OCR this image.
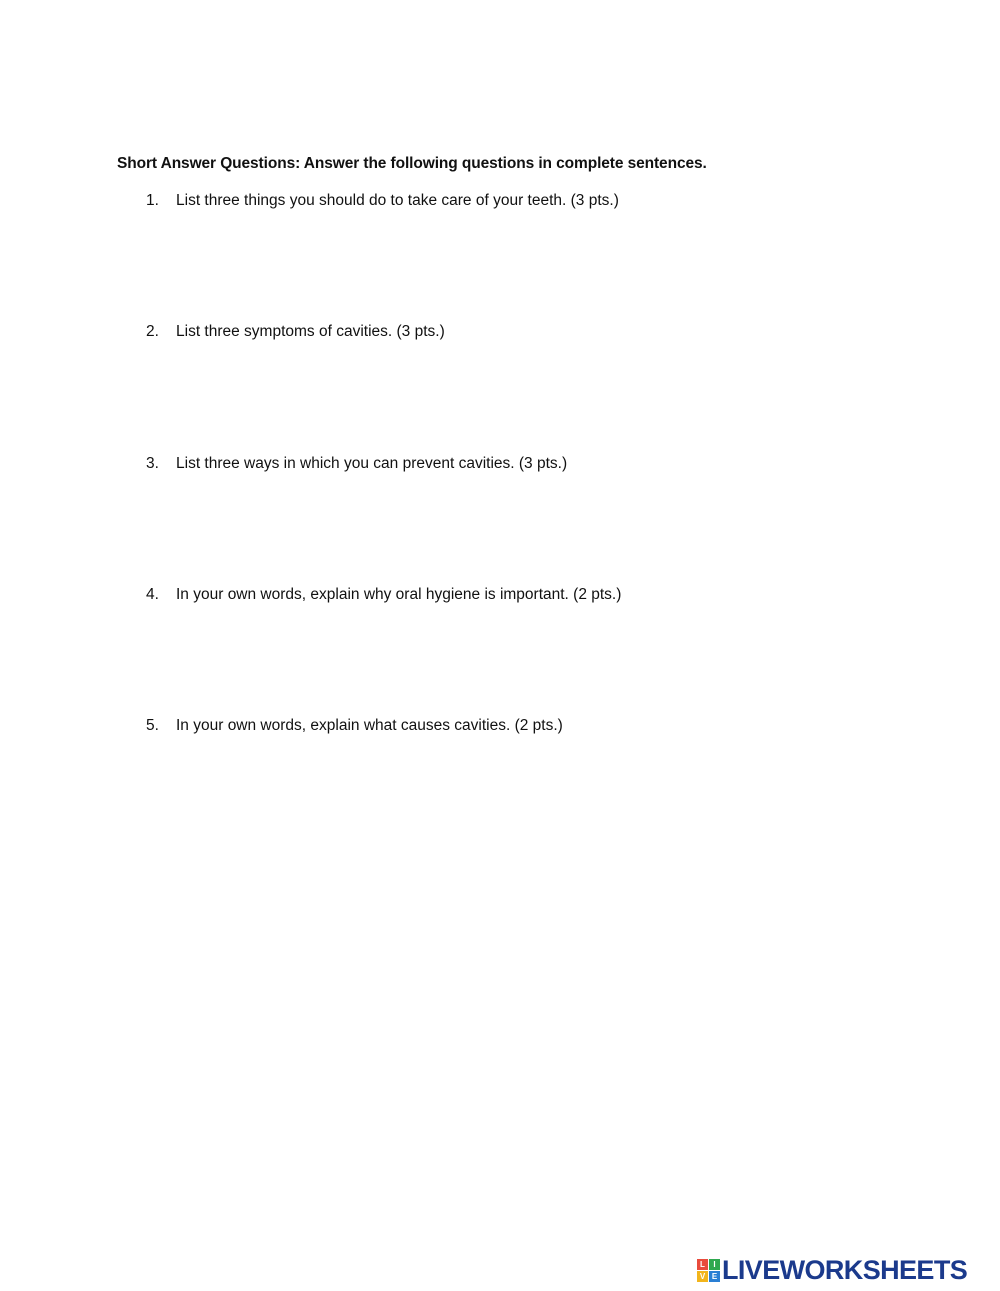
Short Answer Questions: Answer the following questions in complete sentences.
1. List three things you should do to take care of your teeth. (3 pts.)
2. List three symptoms of cavities. (3 pts.)
3. List three ways in which you can prevent cavities. (3 pts.)
4. In your own words, explain why oral hygiene is important. (2 pts.)
5. In your own words, explain what causes cavities. (2 pts.)
L	I
V E LIVEWORKSHEETS
